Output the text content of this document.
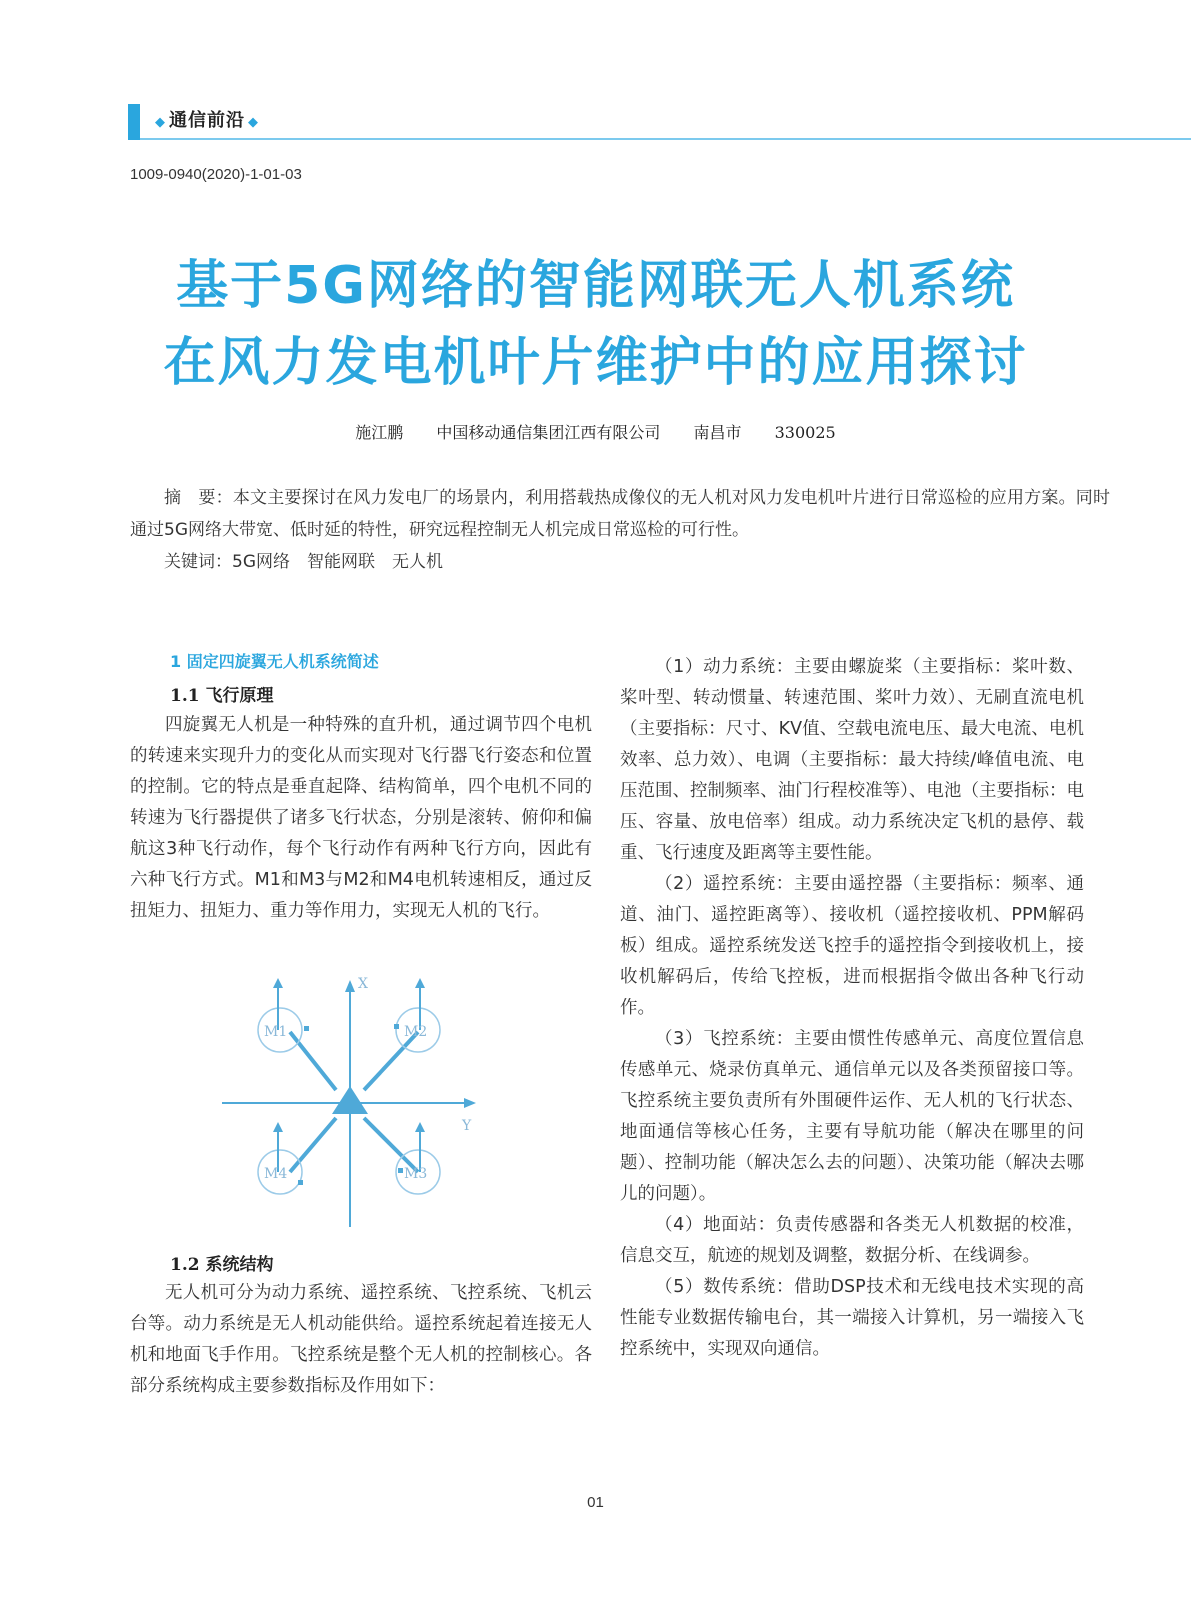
◆ 通信前沿 ◆
1009-0940(2020)-1-01-03
基于5G网络的智能网联无人机系统
在风力发电机叶片维护中的应用探讨
施江鹏 中国移动通信集团江西有限公司 南昌市 330025

摘　要：本文主要探讨在风力发电厂的场景内，利用搭载热成像仪的无人机对风力发电机叶片进行日常巡检的应用方案。同时通过5G网络大带宽、低时延的特性，研究远程控制无人机完成日常巡检的可行性。

关键词：5G网络　智能网联　无人机

1 固定四旋翼无人机系统简述
1.1 飞行原理

四旋翼无人机是一种特殊的直升机，通过调节四个电机的转速来实现升力的变化从而实现对飞行器飞行姿态和位置的控制。它的特点是垂直起降、结构简单，四个电机不同的转速为飞行器提供了诸多飞行状态，分别是滚转、俯仰和偏航这3种飞行动作，每个飞行动作有两种飞行方向，因此有六种飞行方式。M1和M3与M2和M4电机转速相反，通过反扭矩力、扭矩力、重力等作用力，实现无人机的飞行。

X
Y
M1	M2
M4	M3
1.2 系统结构

无人机可分为动力系统、遥控系统、飞控系统、飞机云台等。动力系统是无人机动能供给。遥控系统起着连接无人机和地面飞手作用。飞控系统是整个无人机的控制核心。各部分系统构成主要参数指标及作用如下：

（1）动力系统：主要由螺旋桨（主要指标：桨叶数、桨叶型、转动惯量、转速范围、桨叶力效）、无刷直流电机（主要指标：尺寸、KV值、空载电流电压、最大电流、电机效率、总力效）、电调（主要指标：最大持续/峰值电流、电压范围、控制频率、油门行程校准等）、电池（主要指标：电压、容量、放电倍率）组成。动力系统决定飞机的悬停、载重、飞行速度及距离等主要性能。

（2）遥控系统：主要由遥控器（主要指标：频率、通道、油门、遥控距离等）、接收机（遥控接收机、PPM解码板）组成。遥控系统发送飞控手的遥控指令到接收机上，接收机解码后，传给飞控板，进而根据指令做出各种飞行动作。

（3）飞控系统：主要由惯性传感单元、高度位置信息传感单元、烧录仿真单元、通信单元以及各类预留接口等。飞控系统主要负责所有外围硬件运作、无人机的飞行状态、地面通信等核心任务，主要有导航功能（解决在哪里的问题）、控制功能（解决怎么去的问题）、决策功能（解决去哪儿的问题）。

（4）地面站：负责传感器和各类无人机数据的校准，信息交互，航迹的规划及调整，数据分析、在线调参。

（5）数传系统：借助DSP技术和无线电技术实现的高性能专业数据传输电台，其一端接入计算机，另一端接入飞控系统中，实现双向通信。

01
